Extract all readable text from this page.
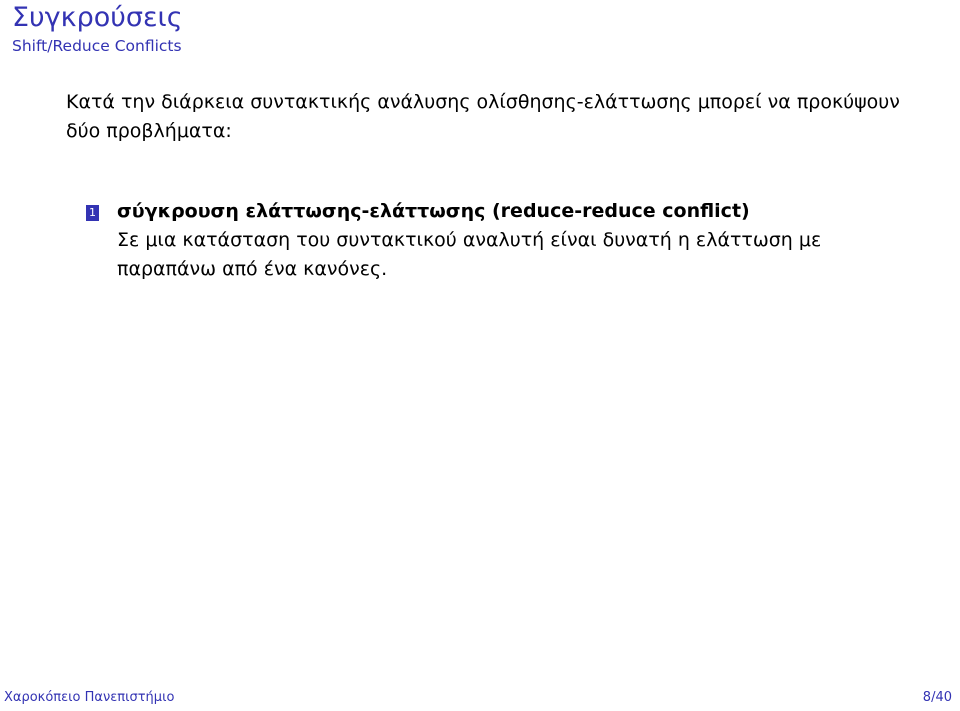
Συγκρούσεις
Shift/Reduce Conflicts
Κατά την διάρκεια συντακτικής ανάλυσης ολίσθησης-ελάττωσης μπορεί να προκύψουν δύο προβλήματα:
1 σύγκρουση ελάττωσης-ελάττωσης (reduce-reduce conflict)
Σε μια κατάσταση του συντακτικού αναλυτή είναι δυνατή η ελάττωση με παραπάνω από ένα κανόνες.
Χαροκόπειο Πανεπιστήμιο	8/40
